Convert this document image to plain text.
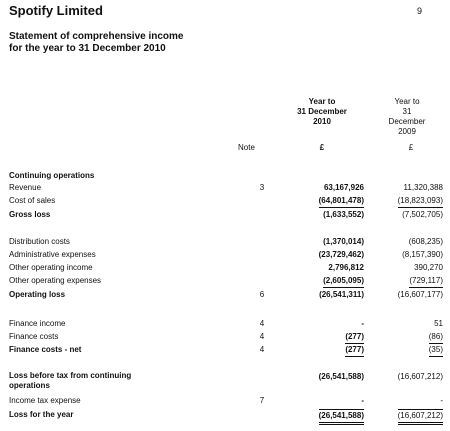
Spotify Limited	9
Statement of comprehensive income
for the year to 31 December 2010
Year to
31 December
2010
Year to
31
December
2009
Note	£	£
Continuing operations
Revenue	3	63,167,926	11,320,388
Cost of sales	(64,801,478)	(18,823,093)
Gross loss	(1,633,552)	(7,502,705)
Distribution costs	(1,370,014)	(608,235)
Administrative expenses	(23,729,462)	(8,157,390)
Other operating income	2,796,812	390,270
Other operating expenses	(2,605,095)	(729,117)
Operating loss	6	(26,541,311)	(16,607,177)
Finance income	4	-	51
Finance costs	4	(277)	(86)
Finance costs - net	4	(277)	(35)
Loss before tax from continuing
operations
(26,541,588)	(16,607,212)
Income tax expense	7	-	-
Loss for the year	(26,541,588)	(16,607,212)
